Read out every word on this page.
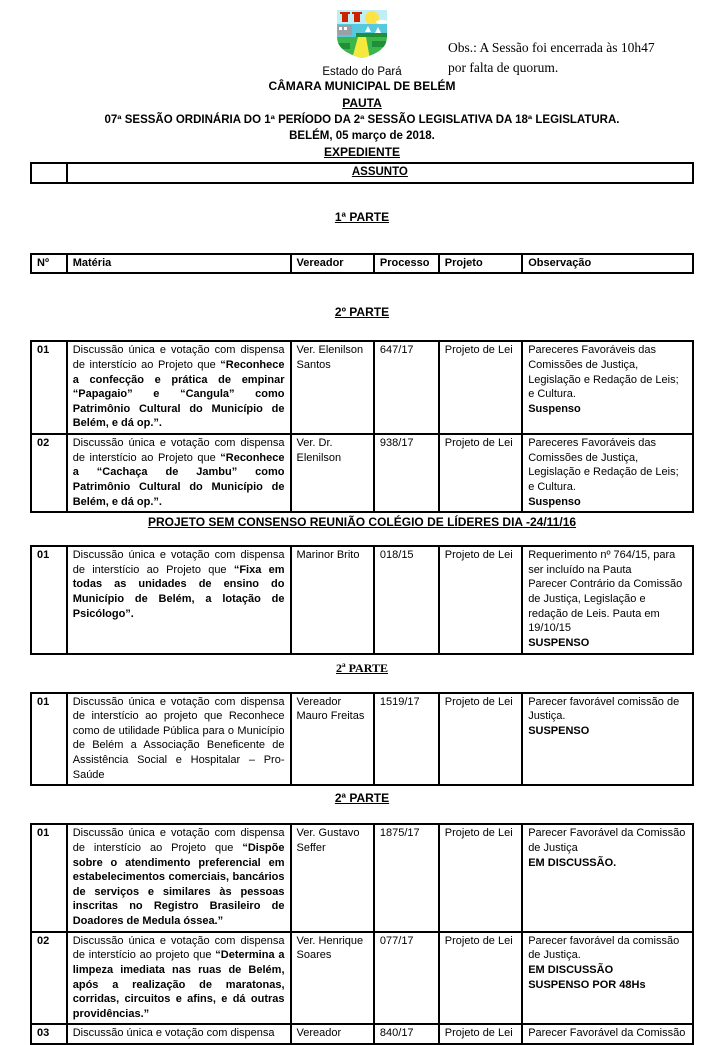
Obs.: A Sessão foi encerrada às 10h47
por falta de quorum.
Estado do Pará
CÂMARA MUNICIPAL DE BELÉM
PAUTA
07ª SESSÃO ORDINÁRIA DO 1ª PERÍODO DA 2ª SESSÃO LEGISLATIVA DA 18ª LEGISLATURA.
BELÉM, 05 março de 2018.
EXPEDIENTE
	ASSUNTO
1ª PARTE
Nº	Matéria	Vereador	Processo	Projeto	Observação
2º PARTE
01	Discussão única e votação com dispensa de interstício ao Projeto que “Reconhece a confecção e prática de empinar “Papagaio” e “Cangula” como Patrimônio Cultural do Município de Belém, e dá op.”.	Ver. Elenilson Santos	647/17	Projeto de Lei	Pareceres Favoráveis das Comissões de Justiça, Legislação e Redação de Leis; e Cultura.
Suspenso

02	Discussão única e votação com dispensa de interstício ao Projeto que “Reconhece a “Cachaça de Jambu” como Patrimônio Cultural do Município de Belém, e dá op.”.	Ver. Dr. Elenilson	938/17	Projeto de Lei	Pareceres Favoráveis das Comissões de Justiça, Legislação e Redação de Leis; e Cultura.
Suspenso
PROJETO SEM CONSENSO REUNIÃO COLÉGIO DE LÍDERES DIA -24/11/16
01	Discussão única e votação com dispensa de interstício ao Projeto que “Fixa em todas as unidades de ensino do Município de Belém, a lotação de Psicólogo”.	Marinor Brito	018/15	Projeto de Lei	Requerimento nº 764/15, para ser incluído na Pauta
Parecer Contrário da Comissão de Justiça, Legislação e redação de Leis. Pauta em 19/10/15
SUSPENSO
2ª PARTE
01	Discussão única e votação com dispensa de interstício ao projeto que Reconhece como de utilidade Pública para o Município de Belém a Associação Beneficente de Assistência Social e Hospitalar – Pro-Saúde	Vereador Mauro Freitas	1519/17	Projeto de Lei	Parecer favorável comissão de Justiça.
SUSPENSO
2ª PARTE
01	Discussão única e votação com dispensa de interstício ao Projeto que “Dispõe sobre o atendimento preferencial em estabelecimentos comerciais, bancários de serviços e similares às pessoas inscritas no Registro Brasileiro de Doadores de Medula óssea.”	Ver. Gustavo Seffer	1875/17	Projeto de Lei	Parecer Favorável da Comissão de Justiça
EM DISCUSSÃO.

02	Discussão única e votação com dispensa de interstício ao projeto que “Determina a limpeza imediata nas ruas de Belém, após a realização de maratonas, corridas, circuitos e afins, e dá outras providências.”	Ver. Henrique Soares	077/17	Projeto de Lei	Parecer favorável da comissão de Justiça.
EM DISCUSSÃO
SUSPENSO POR 48Hs

03	Discussão única e votação com dispensa	Vereador	840/17	Projeto de Lei	Parecer Favorável da Comissão
